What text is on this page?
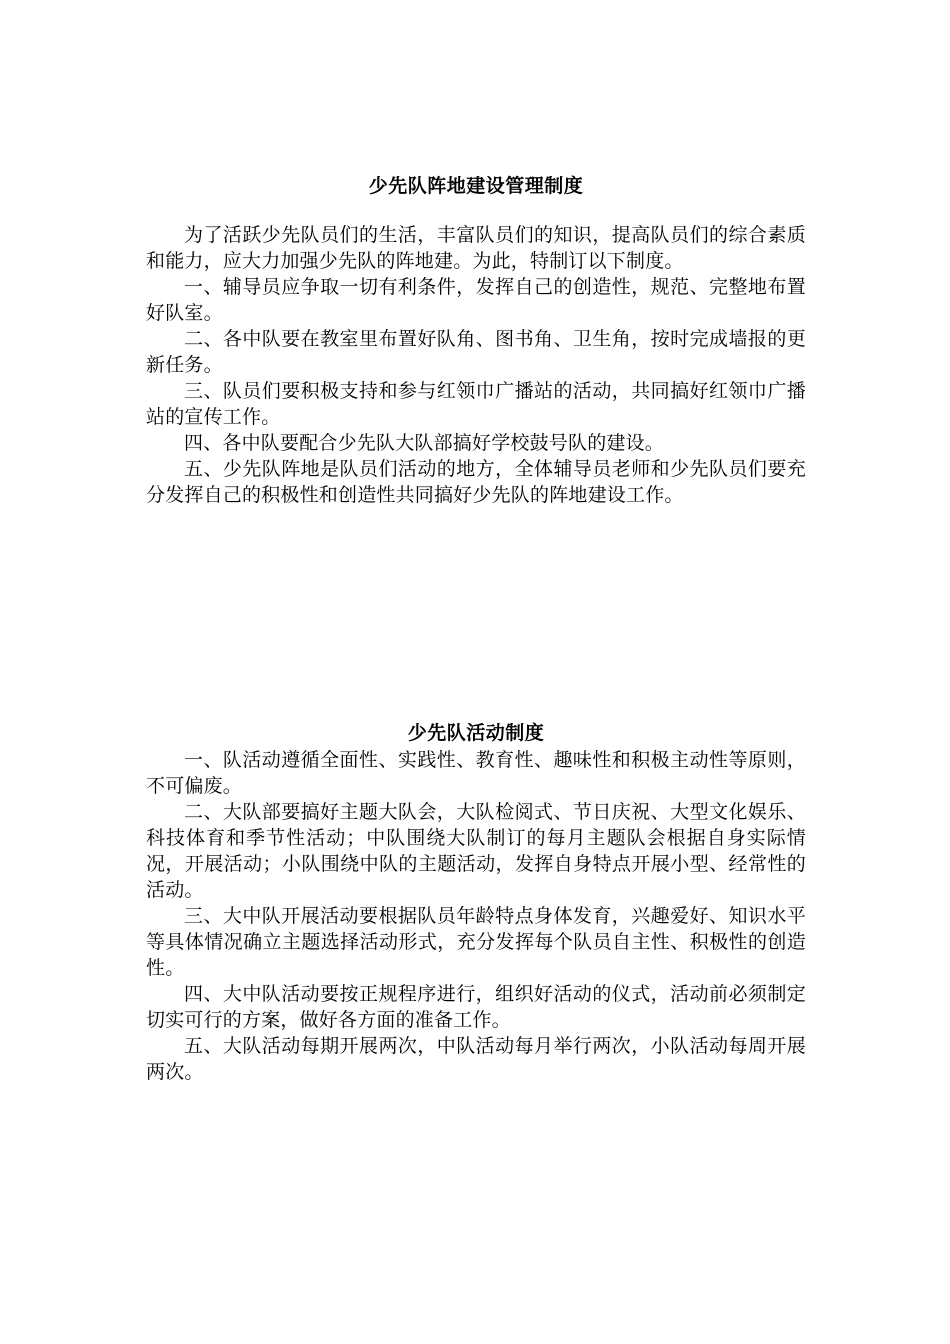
少先队阵地建设管理制度

为了活跃少先队员们的生活，丰富队员们的知识，提高队员们的综合素质和能力，应大力加强少先队的阵地建。为此，特制订以下制度。

一、辅导员应争取一切有利条件，发挥自己的创造性，规范、完整地布置好队室。

二、各中队要在教室里布置好队角、图书角、卫生角，按时完成墙报的更新任务。

三、队员们要积极支持和参与红领巾广播站的活动，共同搞好红领巾广播站的宣传工作。

四、各中队要配合少先队大队部搞好学校鼓号队的建设。

五、少先队阵地是队员们活动的地方，全体辅导员老师和少先队员们要充分发挥自己的积极性和创造性共同搞好少先队的阵地建设工作。

少先队活动制度

一、队活动遵循全面性、实践性、教育性、趣味性和积极主动性等原则，不可偏废。

二、大队部要搞好主题大队会，大队检阅式、节日庆祝、大型文化娱乐、科技体育和季节性活动；中队围绕大队制订的每月主题队会根据自身实际情况，开展活动；小队围绕中队的主题活动，发挥自身特点开展小型、经常性的活动。

三、大中队开展活动要根据队员年龄特点身体发育，兴趣爱好、知识水平等具体情况确立主题选择活动形式，充分发挥每个队员自主性、积极性的创造性。

四、大中队活动要按正规程序进行，组织好活动的仪式，活动前必须制定切实可行的方案，做好各方面的准备工作。

五、大队活动每期开展两次，中队活动每月举行两次，小队活动每周开展两次。
